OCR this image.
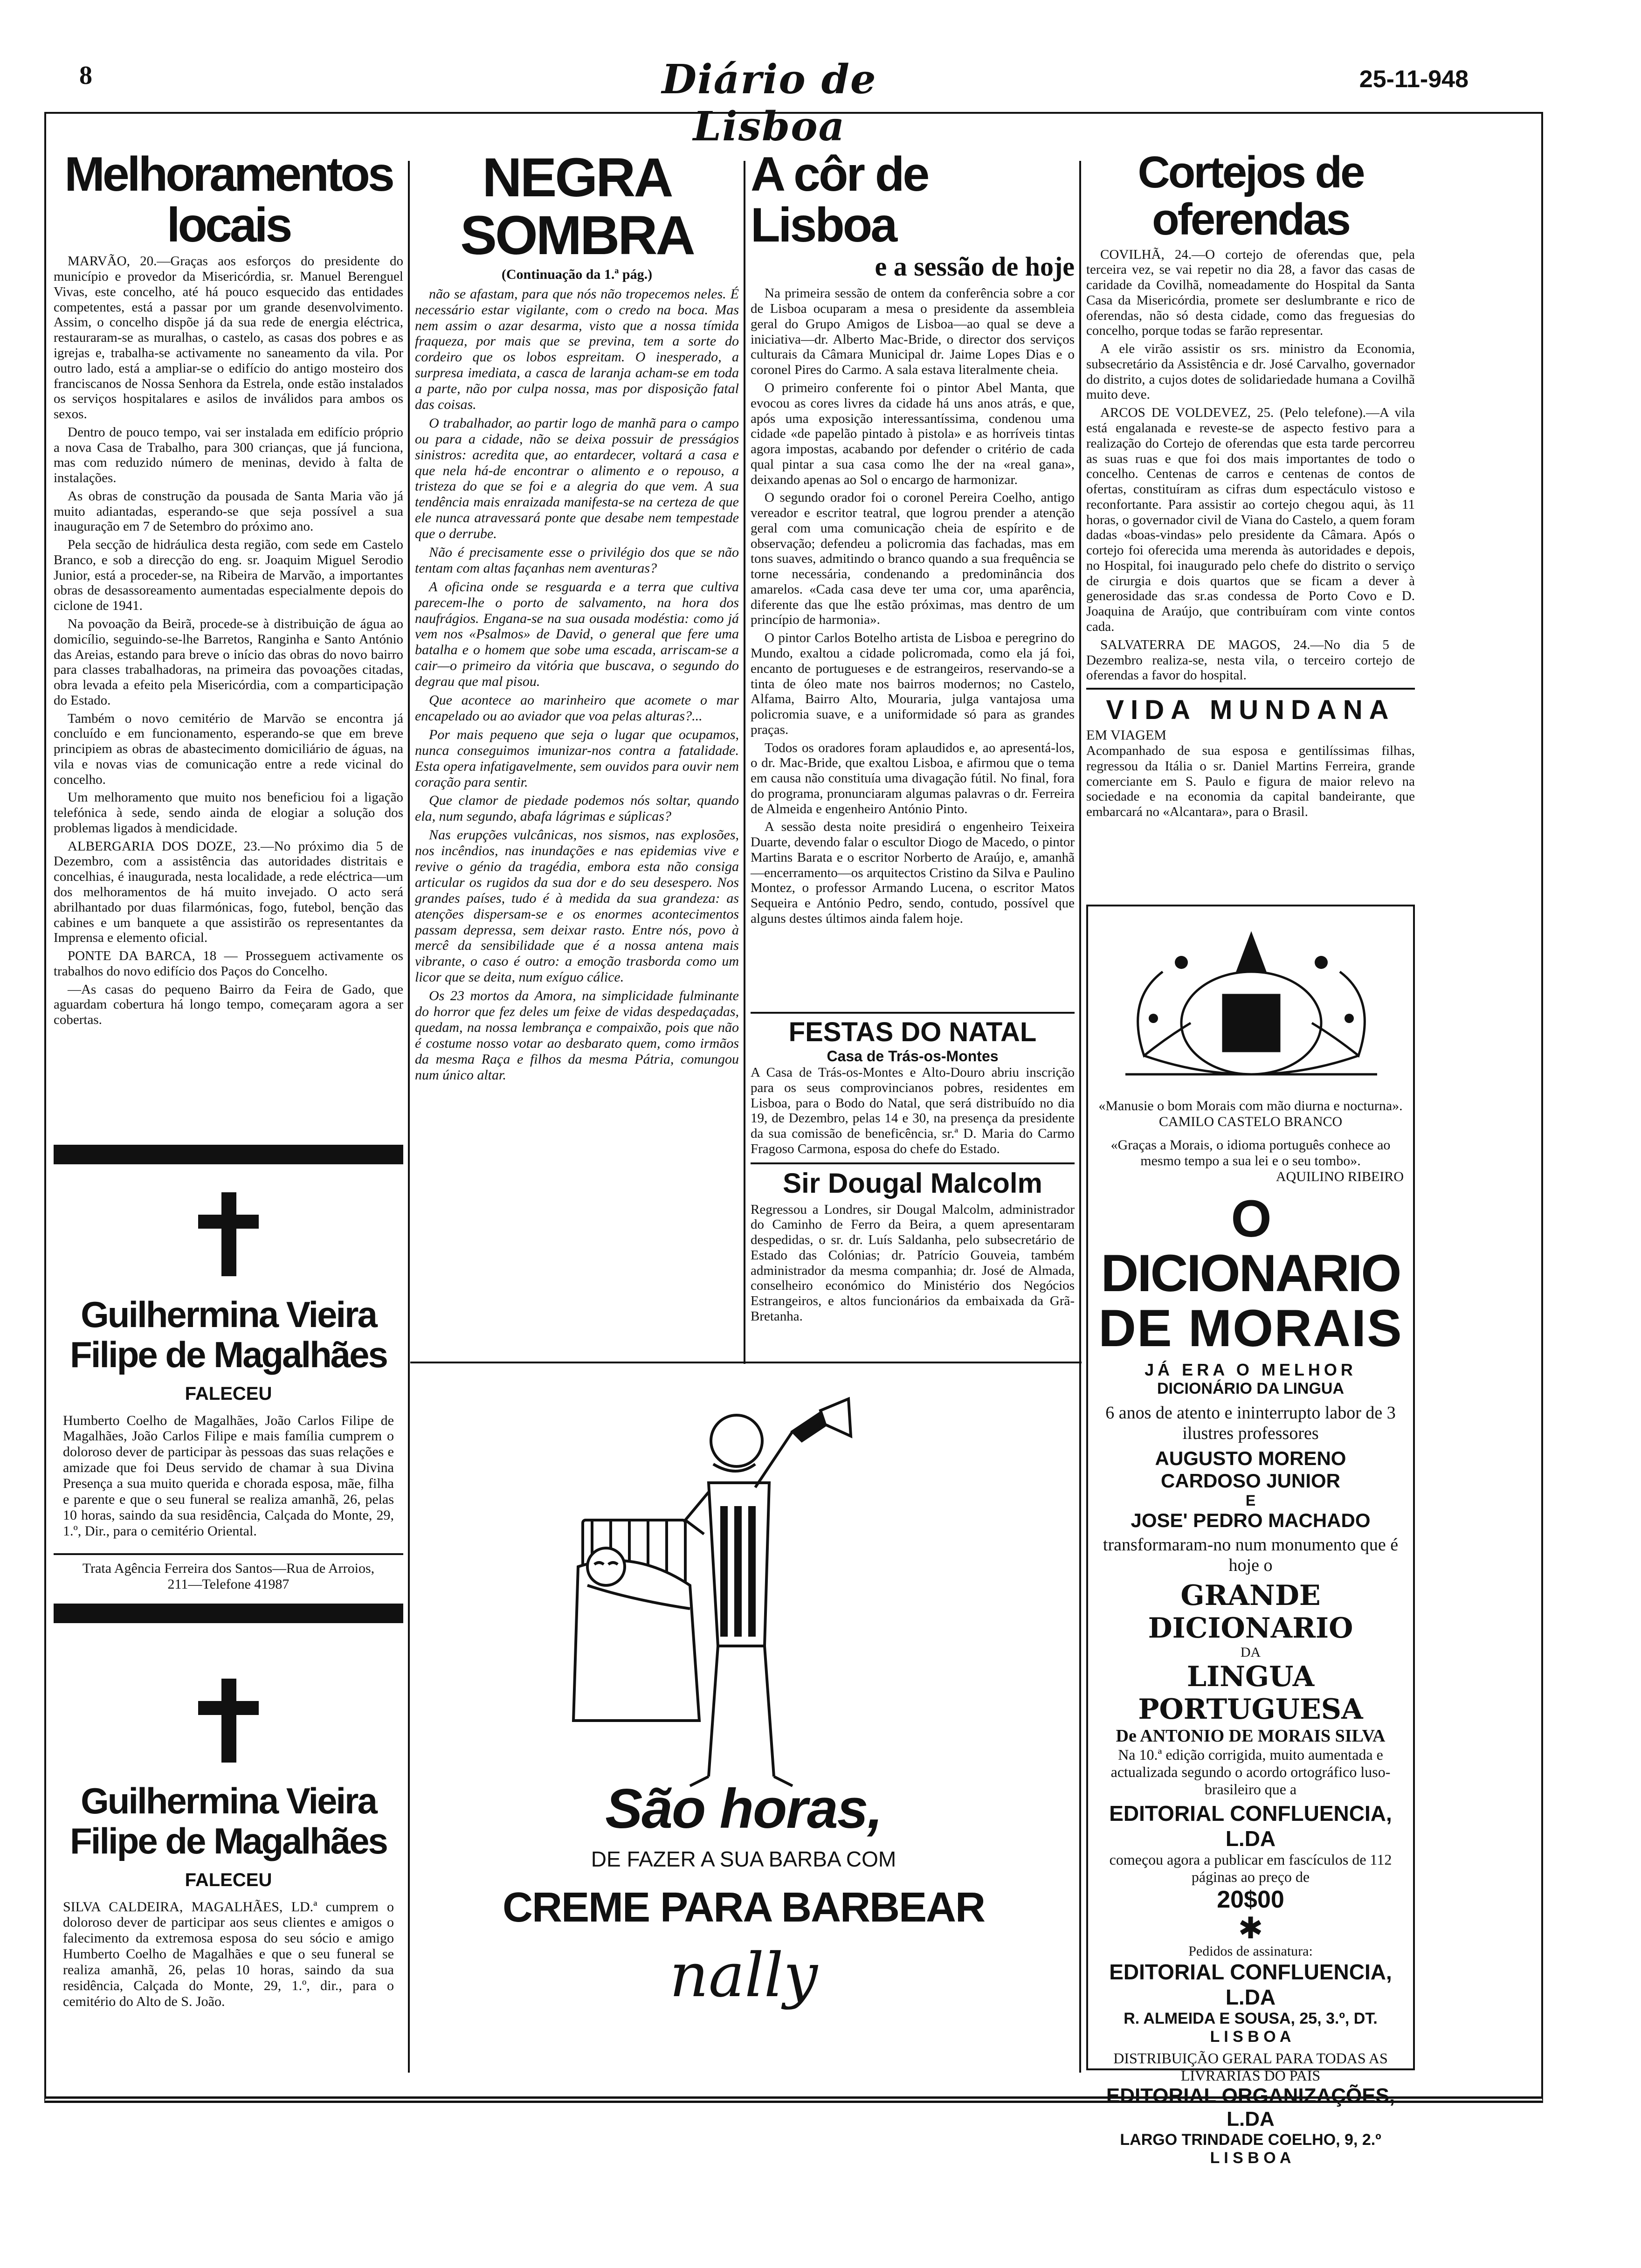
8	Diário de Lisboa
25-11-948
Melhoramentos locais

MARVÃO, 20.—Graças aos esforços do presidente do município e provedor da Misericórdia, sr. Manuel Berenguel Vivas, este concelho, até há pouco esquecido das entidades competentes, está a passar por um grande desenvolvimento. Assim, o concelho dispõe já da sua rede de energia eléctrica, restauraram-se as muralhas, o castelo, as casas dos pobres e as igrejas e, trabalha-se activamente no saneamento da vila. Por outro lado, está a ampliar-se o edifício do antigo mosteiro dos franciscanos de Nossa Senhora da Estrela, onde estão instalados os serviços hospitalares e asilos de inválidos para ambos os sexos.

Dentro de pouco tempo, vai ser instalada em edifício próprio a nova Casa de Trabalho, para 300 crianças, que já funciona, mas com reduzido número de meninas, devido à falta de instalações.

As obras de construção da pousada de Santa Maria vão já muito adiantadas, esperando-se que seja possível a sua inauguração em 7 de Setembro do próximo ano.

Pela secção de hidráulica desta região, com sede em Castelo Branco, e sob a direcção do eng. sr. Joaquim Miguel Serodio Junior, está a proceder-se, na Ribeira de Marvão, a importantes obras de desassoreamento aumentadas especialmente depois do ciclone de 1941.

Na povoação da Beirã, procede-se à distribuição de água ao domicílio, seguindo-se-lhe Barretos, Ranginha e Santo António das Areias, estando para breve o início das obras do novo bairro para classes trabalhadoras, na primeira das povoações citadas, obra levada a efeito pela Misericórdia, com a comparticipação do Estado.

Também o novo cemitério de Marvão se encontra já concluído e em funcionamento, esperando-se que em breve principiem as obras de abastecimento domiciliário de águas, na vila e novas vias de comunicação entre a rede vicinal do concelho.

Um melhoramento que muito nos beneficiou foi a ligação telefónica à sede, sendo ainda de elogiar a solução dos problemas ligados à mendicidade.

ALBERGARIA DOS DOZE, 23.—No próximo dia 5 de Dezembro, com a assistência das autoridades distritais e concelhias, é inaugurada, nesta localidade, a rede eléctrica—um dos melhoramentos de há muito invejado. O acto será abrilhantado por duas filarmónicas, fogo, futebol, benção das cabines e um banquete a que assistirão os representantes da Imprensa e elemento oficial.

PONTE DA BARCA, 18 — Prosseguem activamente os trabalhos do novo edifício dos Paços do Concelho.

—As casas do pequeno Bairro da Feira de Gado, que aguardam cobertura há longo tempo, começaram agora a ser cobertas.

Guilhermina Vieira Filipe de Magalhães
FALECEU
Humberto Coelho de Magalhães, João Carlos Filipe de Magalhães, João Carlos Filipe e mais família cumprem o doloroso dever de participar às pessoas das suas relações e amizade que foi Deus servido de chamar à sua Divina Presença a sua muito querida e chorada esposa, mãe, filha e parente e que o seu funeral se realiza amanhã, 26, pelas 10 horas, saindo da sua residência, Calçada do Monte, 29, 1.º, Dir., para o cemitério Oriental.
Trata Agência Ferreira dos Santos—Rua de Arroios, 211—Telefone 41987
Guilhermina Vieira Filipe de Magalhães
FALECEU
SILVA CALDEIRA, MAGALHÃES, LD.ª cumprem o doloroso dever de participar aos seus clientes e amigos o falecimento da extremosa esposa do seu sócio e amigo Humberto Coelho de Magalhães e que o seu funeral se realiza amanhã, 26, pelas 10 horas, saindo da sua residência, Calçada do Monte, 29, 1.º, dir., para o cemitério do Alto de S. João.
NEGRA SOMBRA
(Continuação da 1.ª pág.)

não se afastam, para que nós não tropecemos neles. É necessário estar vigilante, com o credo na boca. Mas nem assim o azar desarma, visto que a nossa tímida fraqueza, por mais que se previna, tem a sorte do cordeiro que os lobos espreitam. O inesperado, a surpresa imediata, a casca de laranja acham-se em toda a parte, não por culpa nossa, mas por disposição fatal das coisas.

O trabalhador, ao partir logo de manhã para o campo ou para a cidade, não se deixa possuir de presságios sinistros: acredita que, ao entardecer, voltará a casa e que nela há-de encontrar o alimento e o repouso, a tristeza do que se foi e a alegria do que vem. A sua tendência mais enraizada manifesta-se na certeza de que ele nunca atravessará ponte que desabe nem tempestade que o derrube.

Não é precisamente esse o privilégio dos que se não tentam com altas façanhas nem aventuras?

A oficina onde se resguarda e a terra que cultiva parecem-lhe o porto de salvamento, na hora dos naufrágios. Engana-se na sua ousada modéstia: como já vem nos «Psalmos» de David, o general que fere uma batalha e o homem que sobe uma escada, arriscam-se a cair—o primeiro da vitória que buscava, o segundo do degrau que mal pisou.

Que acontece ao marinheiro que acomete o mar encapelado ou ao aviador que voa pelas alturas?...

Por mais pequeno que seja o lugar que ocupamos, nunca conseguimos imunizar-nos contra a fatalidade. Esta opera infatigavelmente, sem ouvidos para ouvir nem coração para sentir.

Que clamor de piedade podemos nós soltar, quando ela, num segundo, abafa lágrimas e súplicas?

Nas erupções vulcânicas, nos sismos, nas explosões, nos incêndios, nas inundações e nas epidemias vive e revive o génio da tragédia, embora esta não consiga articular os rugidos da sua dor e do seu desespero. Nos grandes países, tudo é à medida da sua grandeza: as atenções dispersam-se e os enormes acontecimentos passam depressa, sem deixar rasto. Entre nós, povo à mercê da sensibilidade que é a nossa antena mais vibrante, o caso é outro: a emoção trasborda como um licor que se deita, num exíguo cálice.

Os 23 mortos da Amora, na simplicidade fulminante do horror que fez deles um feixe de vidas despedaçadas, quedam, na nossa lembrança e compaixão, pois que não é costume nosso votar ao desbarato quem, como irmãos da mesma Raça e filhos da mesma Pátria, comungou num único altar.

A côr de Lisboa
e a sessão de hoje

Na primeira sessão de ontem da conferência sobre a cor de Lisboa ocuparam a mesa o presidente da assembleia geral do Grupo Amigos de Lisboa—ao qual se deve a iniciativa—dr. Alberto Mac-Bride, o director dos serviços culturais da Câmara Municipal dr. Jaime Lopes Dias e o coronel Pires do Carmo. A sala estava literalmente cheia.

O primeiro conferente foi o pintor Abel Manta, que evocou as cores livres da cidade há uns anos atrás, e que, após uma exposição interessantíssima, condenou uma cidade «de papelão pintado à pistola» e as horríveis tintas agora impostas, acabando por defender o critério de cada qual pintar a sua casa como lhe der na «real gana», deixando apenas ao Sol o encargo de harmonizar.

O segundo orador foi o coronel Pereira Coelho, antigo vereador e escritor teatral, que logrou prender a atenção geral com uma comunicação cheia de espírito e de observação; defendeu a policromia das fachadas, mas em tons suaves, admitindo o branco quando a sua frequência se torne necessária, condenando a predominância dos amarelos. «Cada casa deve ter uma cor, uma aparência, diferente das que lhe estão próximas, mas dentro de um princípio de harmonia».

O pintor Carlos Botelho artista de Lisboa e peregrino do Mundo, exaltou a cidade policromada, como ela já foi, encanto de portugueses e de estrangeiros, reservando-se a tinta de óleo mate nos bairros modernos; no Castelo, Alfama, Bairro Alto, Mouraria, julga vantajosa uma policromia suave, e a uniformidade só para as grandes praças.

Todos os oradores foram aplaudidos e, ao apresentá-los, o dr. Mac-Bride, que exaltou Lisboa, e afirmou que o tema em causa não constituía uma divagação fútil. No final, fora do programa, pronunciaram algumas palavras o dr. Ferreira de Almeida e engenheiro António Pinto.

A sessão desta noite presidirá o engenheiro Teixeira Duarte, devendo falar o escultor Diogo de Macedo, o pintor Martins Barata e o escritor Norberto de Araújo, e, amanhã—encerramento—os arquitectos Cristino da Silva e Paulino Montez, o professor Armando Lucena, o escritor Matos Sequeira e António Pedro, sendo, contudo, possível que alguns destes últimos ainda falem hoje.

FESTAS DO NATAL
Casa de Trás-os-Montes
A Casa de Trás-os-Montes e Alto-Douro abriu inscrição para os seus comprovincianos pobres, residentes em Lisboa, para o Bodo do Natal, que será distribuído no dia 19, de Dezembro, pelas 14 e 30, na presença da presidente da sua comissão de beneficência, sr.ª D. Maria do Carmo Fragoso Carmona, esposa do chefe do Estado.
Sir Dougal Malcolm
Regressou a Londres, sir Dougal Malcolm, administrador do Caminho de Ferro da Beira, a quem apresentaram despedidas, o sr. dr. Luís Saldanha, pelo subsecretário de Estado das Colónias; dr. Patrício Gouveia, também administrador da mesma companhia; dr. José de Almada, conselheiro económico do Ministério dos Negócios Estrangeiros, e altos funcionários da embaixada da Grã-Bretanha.
São horas,
DE FAZER A SUA BARBA COM
CREME PARA BARBEAR
nally
Cortejos de oferendas

COVILHÃ, 24.—O cortejo de oferendas que, pela terceira vez, se vai repetir no dia 28, a favor das casas de caridade da Covilhã, nomeadamente do Hospital da Santa Casa da Misericórdia, promete ser deslumbrante e rico de oferendas, não só desta cidade, como das freguesias do concelho, porque todas se farão representar.

A ele virão assistir os srs. ministro da Economia, subsecretário da Assistência e dr. José Carvalho, governador do distrito, a cujos dotes de solidariedade humana a Covilhã muito deve.

ARCOS DE VOLDEVEZ, 25. (Pelo telefone).—A vila está engalanada e reveste-se de aspecto festivo para a realização do Cortejo de oferendas que esta tarde percorreu as suas ruas e que foi dos mais importantes de todo o concelho. Centenas de carros e centenas de contos de ofertas, constituíram as cifras dum espectáculo vistoso e reconfortante. Para assistir ao cortejo chegou aqui, às 11 horas, o governador civil de Viana do Castelo, a quem foram dadas «boas-vindas» pelo presidente da Câmara. Após o cortejo foi oferecida uma merenda às autoridades e depois, no Hospital, foi inaugurado pelo chefe do distrito o serviço de cirurgia e dois quartos que se ficam a dever à generosidade das sr.as condessa de Porto Covo e D. Joaquina de Araújo, que contribuíram com vinte contos cada.

SALVATERRA DE MAGOS, 24.—No dia 5 de Dezembro realiza-se, nesta vila, o terceiro cortejo de oferendas a favor do hospital.

VIDA MUNDANA
EM VIAGEM
Acompanhado de sua esposa e gentilíssimas filhas, regressou da Itália o sr. Daniel Martins Ferreira, grande comerciante em S. Paulo e figura de maior relevo na sociedade e na economia da capital bandeirante, que embarcará no «Alcantara», para o Brasil.
«Manusie o bom Morais com mão diurna e nocturna».
CAMILO CASTELO BRANCO
«Graças a Morais, o idioma português conhece ao mesmo tempo a sua lei e o seu tombo».
AQUILINO RIBEIRO
O DICIONARIO
DE MORAIS
JÁ ERA O MELHOR
DICIONÁRIO DA LINGUA
6 anos de atento e ininterrupto labor de 3 ilustres professores
AUGUSTO MORENO
CARDOSO JUNIOR
E
JOSE' PEDRO MACHADO
transformaram-no num monumento que é hoje o
GRANDE DICIONARIO
DA
LINGUA PORTUGUESA
De ANTONIO DE MORAIS SILVA
Na 10.ª edição corrigida, muito aumentada e actualizada segundo o acordo ortográfico luso-brasileiro que a
EDITORIAL CONFLUENCIA, L.DA
começou agora a publicar em fascículos de 112 páginas ao preço de
20$00
✱
Pedidos de assinatura:
EDITORIAL CONFLUENCIA, L.DA
R. ALMEIDA E SOUSA, 25, 3.º, DT.
L I S B O A
DISTRIBUIÇÃO GERAL PARA TODAS AS LIVRARIAS DO PAIS
EDITORIAL ORGANIZAÇÕES, L.DA
LARGO TRINDADE COELHO, 9, 2.º
L I S B O A
